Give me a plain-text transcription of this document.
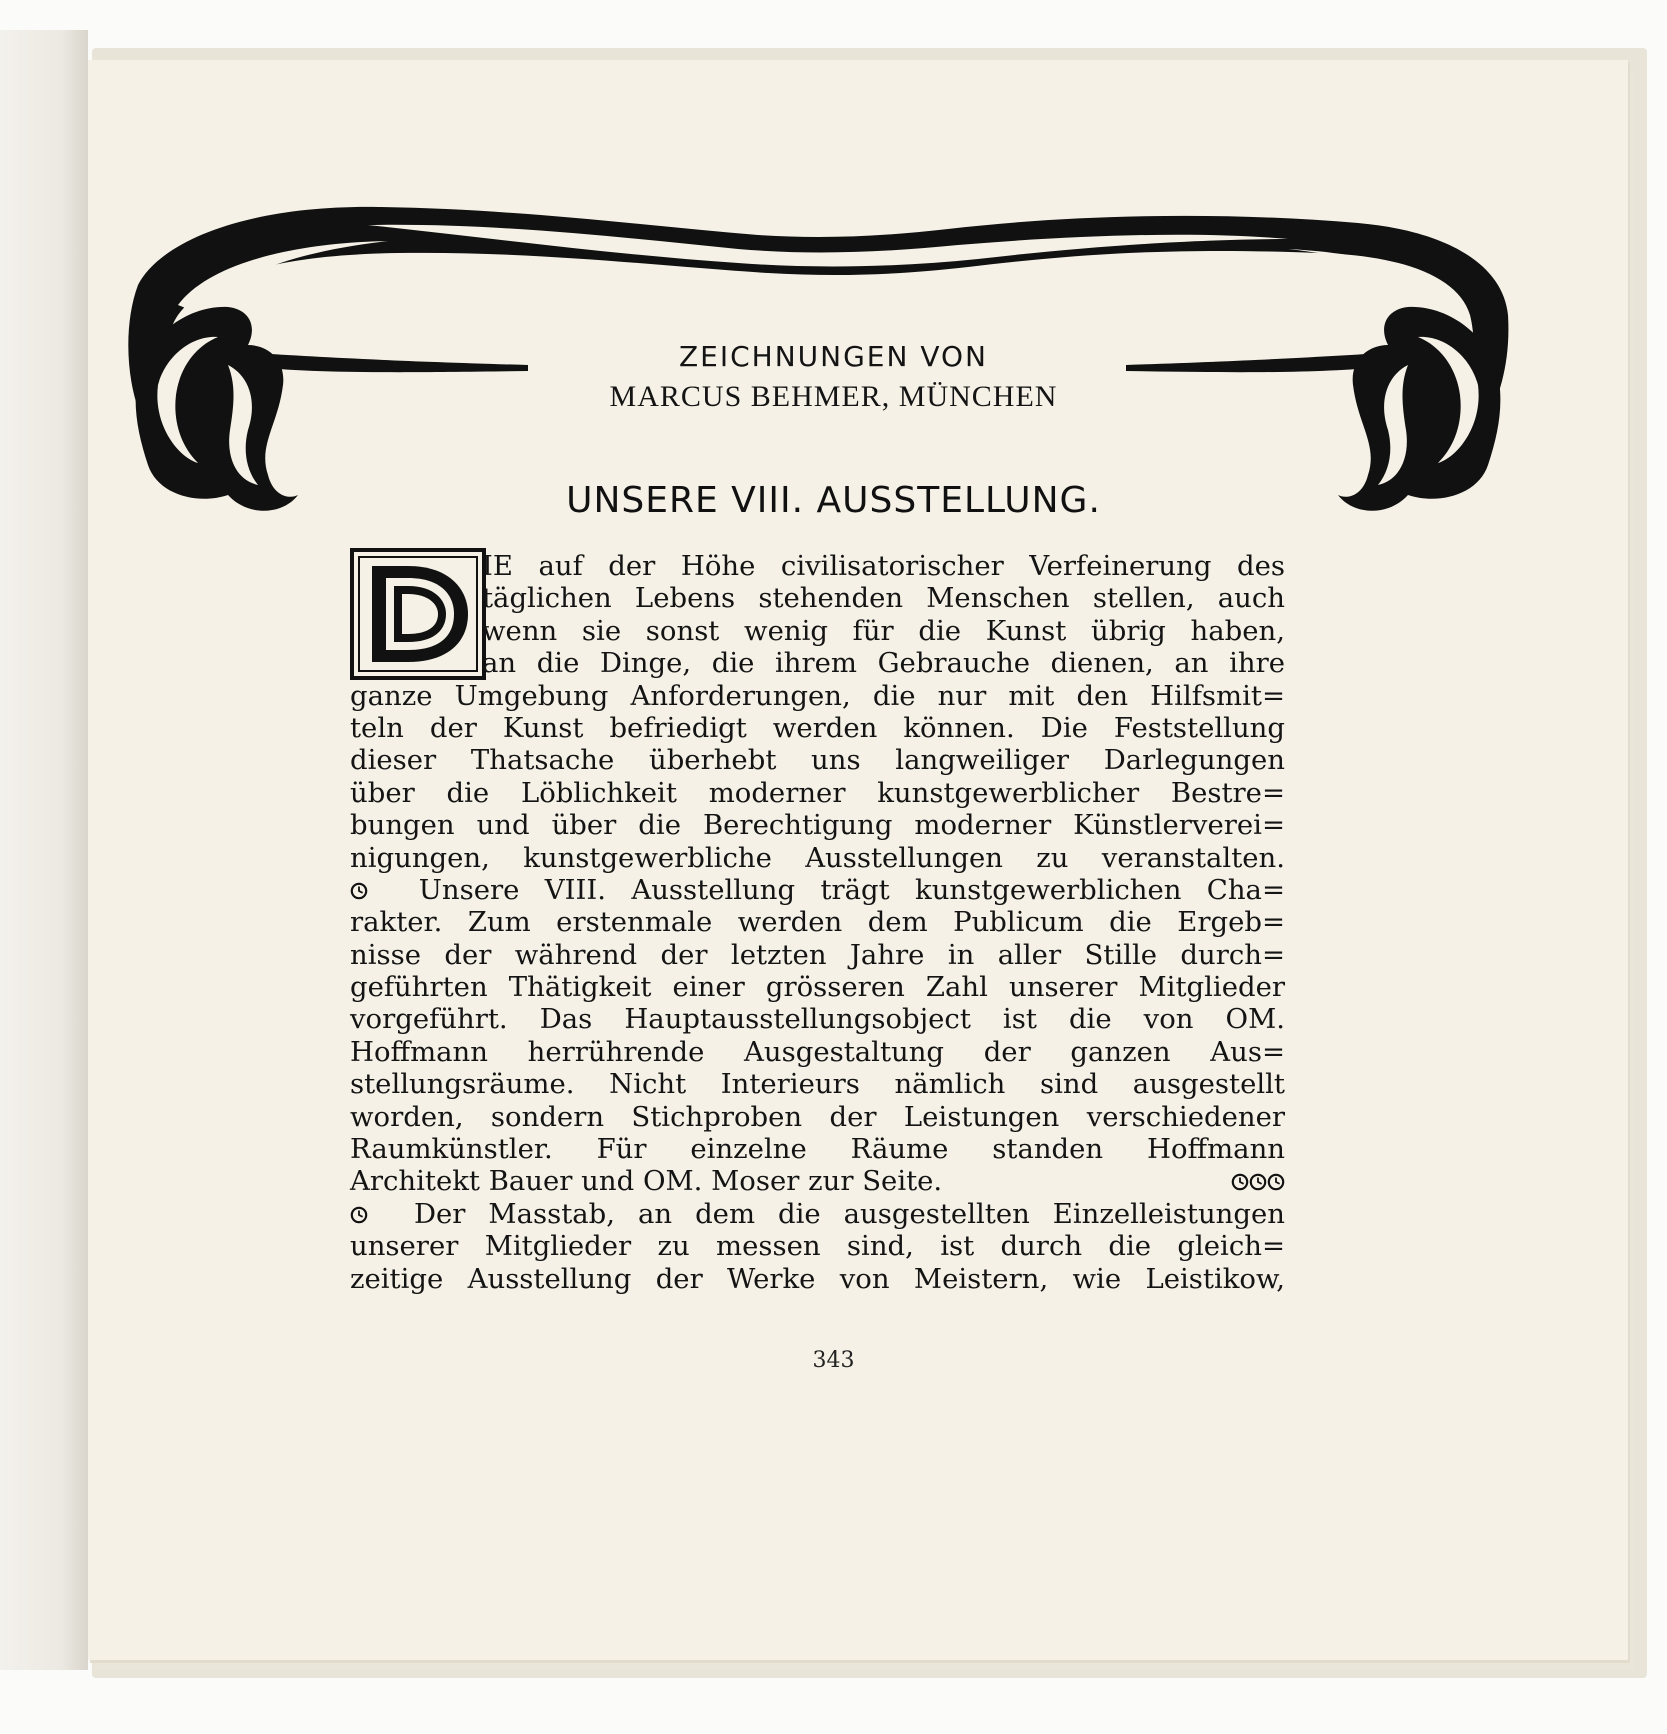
ZEICHNUNGEN VON
MARCUS BEHMER, MÜNCHEN
UNSERE VIII. AUSSTELLUNG.
IE auf der Höhe civilisatorischer Verfeinerung des
täglichen Lebens stehenden Menschen stellen, auch
wenn sie sonst wenig für die Kunst übrig haben,
an die Dinge, die ihrem Gebrauche dienen, an ihre
ganze Umgebung Anforderungen, die nur mit den Hilfsmit=
teln der Kunst befriedigt werden können. Die Feststellung
dieser Thatsache überhebt uns langweiliger Darlegungen
über die Löblichkeit moderner kunstgewerblicher Bestre=
bungen und über die Berechtigung moderner Künstlerverei=
nigungen, kunstgewerbliche Ausstellungen zu veranstalten.
Unsere VIII. Ausstellung trägt kunstgewerblichen Cha=
rakter. Zum erstenmale werden dem Publicum die Ergeb=
nisse der während der letzten Jahre in aller Stille durch=
geführten Thätigkeit einer grösseren Zahl unserer Mitglieder
vorgeführt. Das Hauptausstellungsobject ist die von OM.
Hoffmann herrührende Ausgestaltung der ganzen Aus=
stellungsräume. Nicht Interieurs nämlich sind ausgestellt
worden, sondern Stichproben der Leistungen verschiedener
Raumkünstler. Für einzelne Räume standen Hoffmann
Architekt Bauer und OM. Moser zur Seite.
Der Masstab, an dem die ausgestellten Einzelleistungen
unserer Mitglieder zu messen sind, ist durch die gleich=
zeitige Ausstellung der Werke von Meistern, wie Leistikow,
343
